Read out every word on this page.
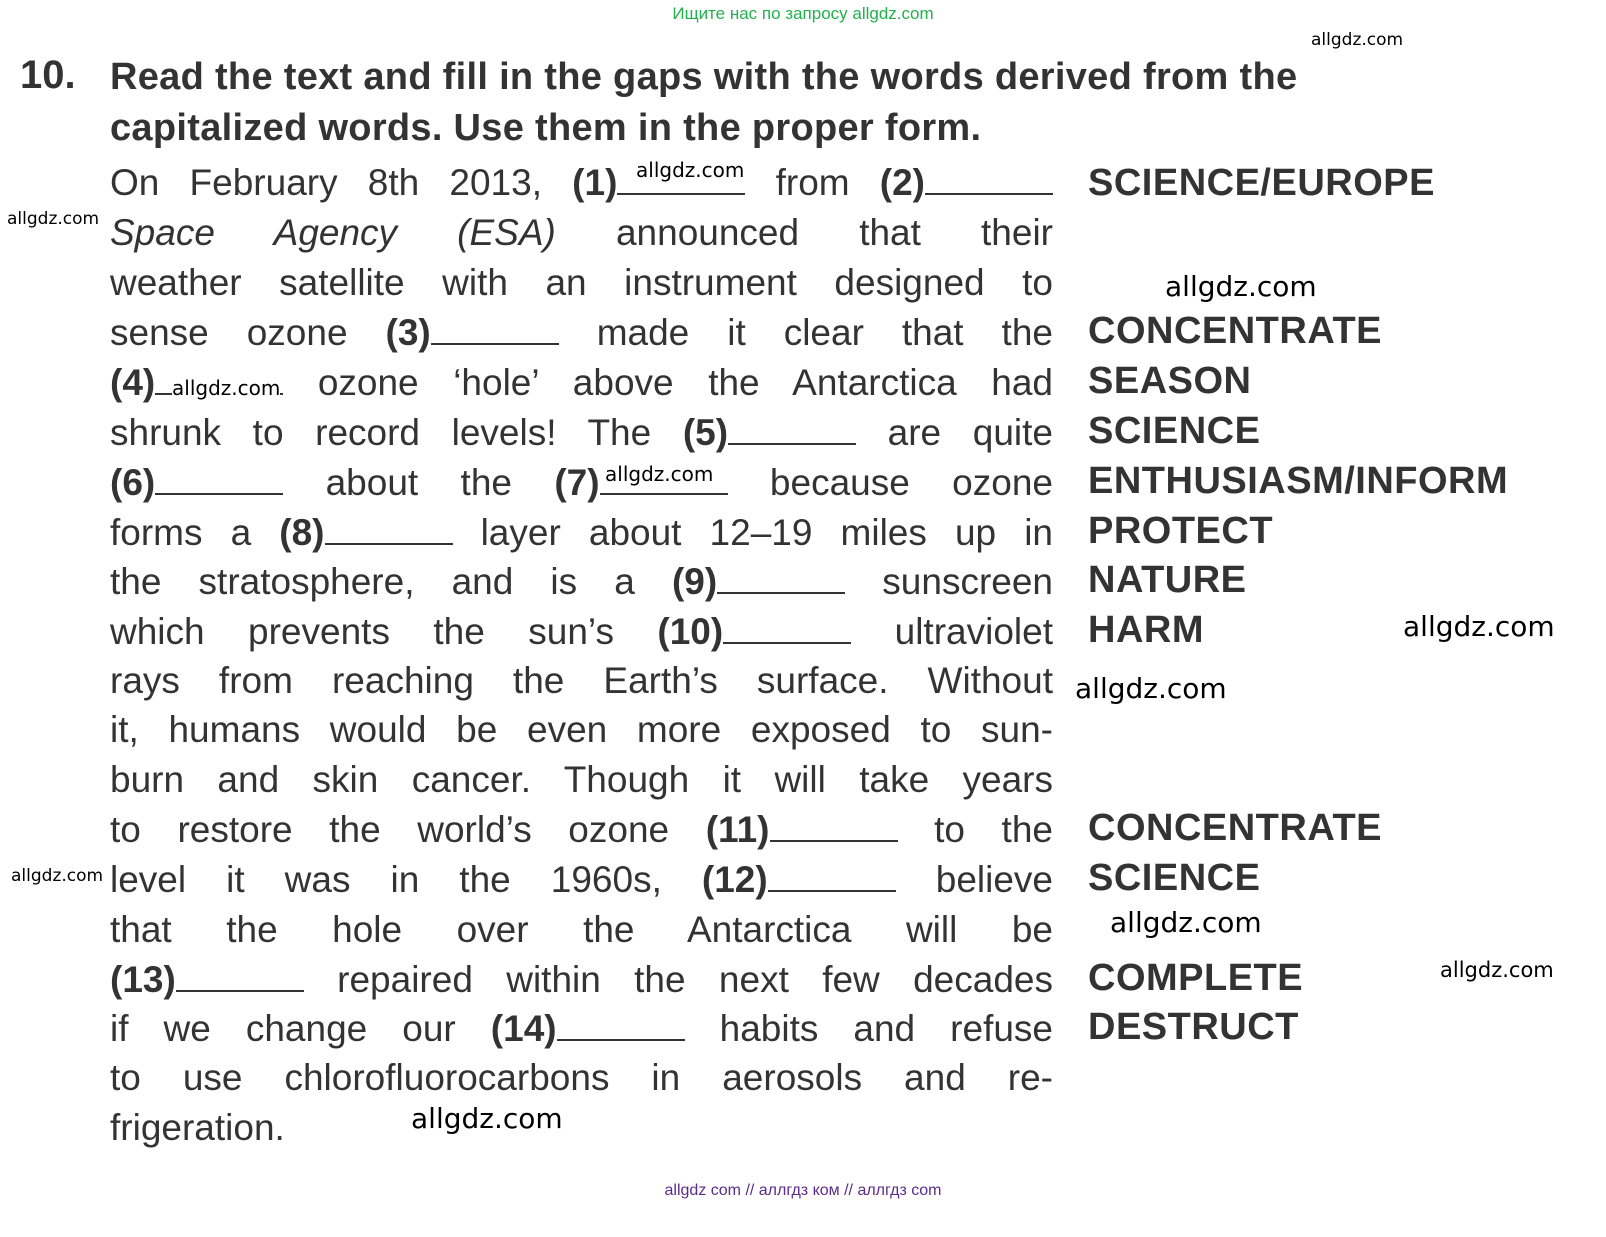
Ищите нас по запросу allgdz.com
10. Read the text and fill in the gaps with the words derived from the
capitalized words. Use them in the proper form.
On February 8th 2013, (1)	from (2)
Space Agency (ESA) announced that their
weather satellite with an instrument designed to
sense ozone (3)	made it clear that the
(4)	ozone ‘hole’ above the Antarctica had
shrunk to record levels! The (5)	are quite
(6)	about the (7)	because ozone
forms a (8)	layer about 12–19 miles up in
the stratosphere, and is a (9)	sunscreen
which prevents the sun’s (10)	ultraviolet
rays from reaching the Earth’s surface. Without
it, humans would be even more exposed to sun-
burn and skin cancer. Though it will take years
to restore the world’s ozone (11)	to the
level it was in the 1960s, (12)	believe
that the hole over the Antarctica will be
(13)	repaired within the next few decades
if we change our (14)	habits and refuse
to use chlorofluorocarbons in aerosols and re-
frigeration.
SCIENCE/EUROPE
CONCENTRATE
SEASON
SCIENCE
ENTHUSIASM/INFORM
PROTECT
NATURE
HARM
CONCENTRATE
SCIENCE
COMPLETE
DESTRUCT
allgdz.com
allgdz.com
allgdz.com
allgdz.com
allgdz.com
allgdz.com
allgdz.com
allgdz.com
allgdz.com
allgdz.com
allgdz.com
allgdz.com
allgdz com // аллгдз ком // аллгдз com
